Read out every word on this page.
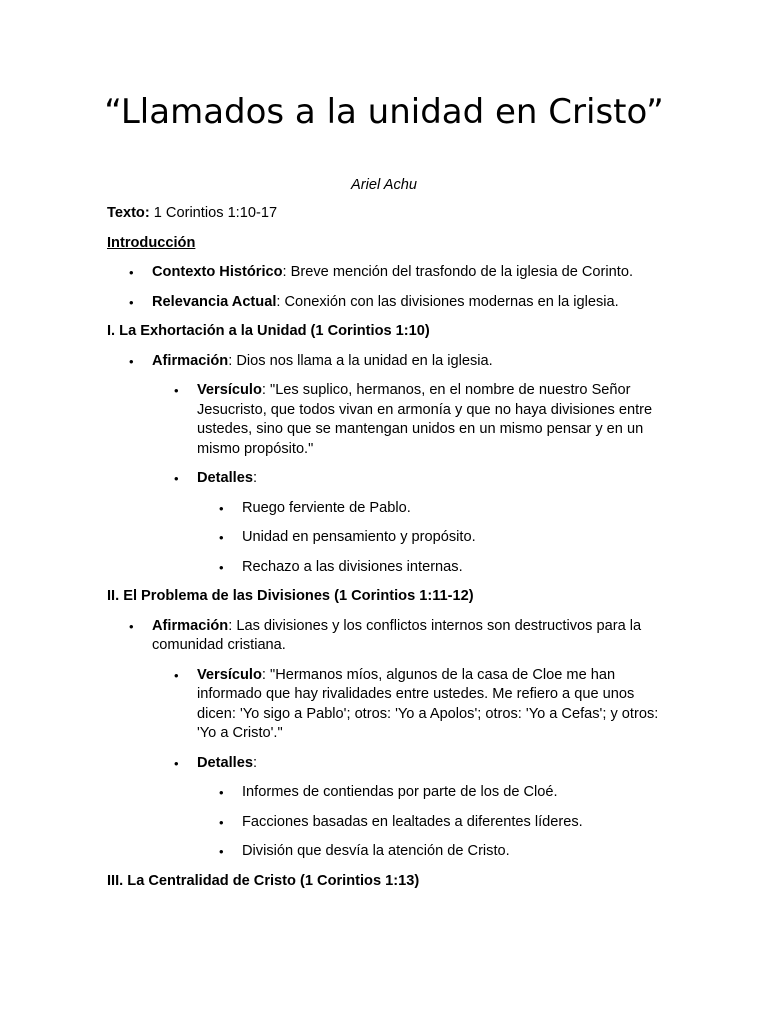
“Llamados a la unidad en Cristo”

Ariel Achu

Texto: 1 Corintios 1:10-17

Introducción

• Contexto Histórico: Breve mención del trasfondo de la iglesia de Corinto.
• Relevancia Actual: Conexión con las divisiones modernas en la iglesia.

I. La Exhortación a la Unidad (1 Corintios 1:10)

• Afirmación: Dios nos llama a la unidad en la iglesia.
• Versículo: "Les suplico, hermanos, en el nombre de nuestro Señor Jesucristo, que todos vivan en armonía y que no haya divisiones entre ustedes, sino que se mantengan unidos en un mismo pensar y en un mismo propósito."
• Detalles:
• Ruego ferviente de Pablo.
• Unidad en pensamiento y propósito.
• Rechazo a las divisiones internas.

II. El Problema de las Divisiones (1 Corintios 1:11-12)

• Afirmación: Las divisiones y los conflictos internos son destructivos para la comunidad cristiana.
• Versículo: "Hermanos míos, algunos de la casa de Cloe me han informado que hay rivalidades entre ustedes. Me refiero a que unos dicen: 'Yo sigo a Pablo'; otros: 'Yo a Apolos'; otros: 'Yo a Cefas'; y otros: 'Yo a Cristo'."
• Detalles:
• Informes de contiendas por parte de los de Cloé.
• Facciones basadas en lealtades a diferentes líderes.
• División que desvía la atención de Cristo.

III. La Centralidad de Cristo (1 Corintios 1:13)
